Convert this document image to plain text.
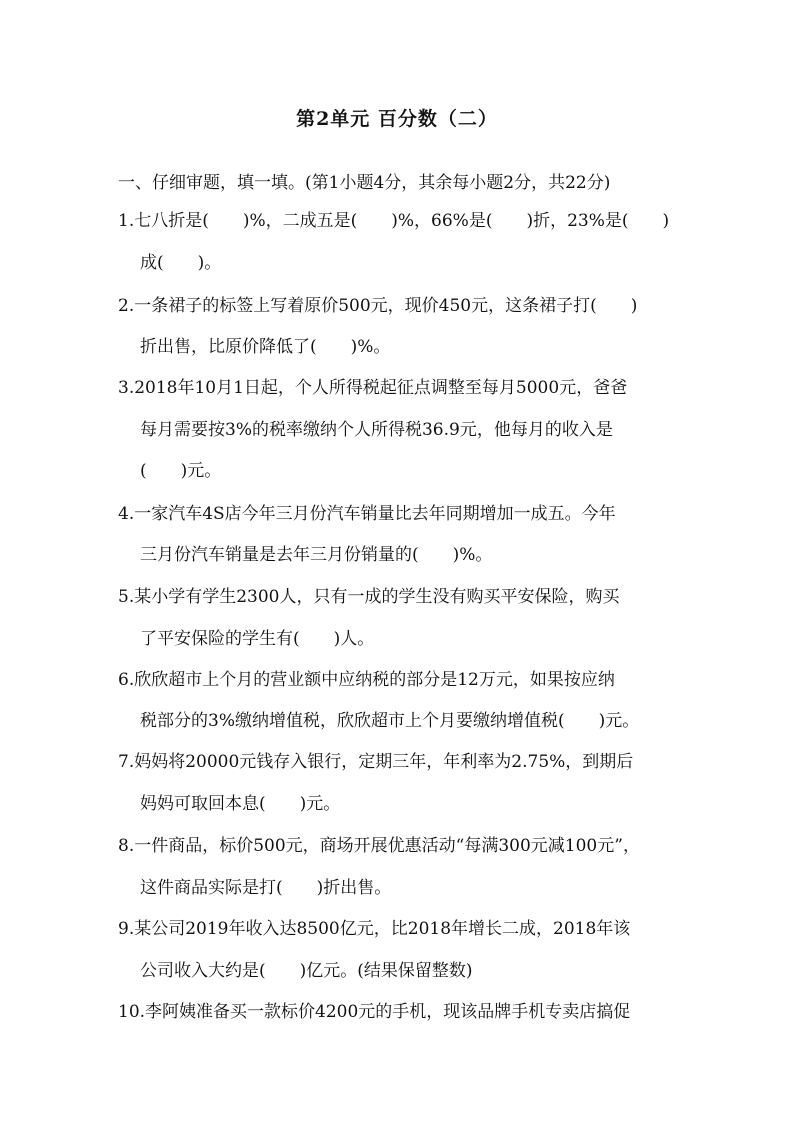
第2单元 百分数（二）
一、仔细审题，填一填。(第1小题4分，其余每小题2分，共22分)
1.七八折是(　　)%，二成五是(　　)%，66%是(　　)折，23%是(　　)
成(　　)。
2.一条裙子的标签上写着原价500元，现价450元，这条裙子打(　　)
折出售，比原价降低了(　　)%。
3.2018年10月1日起，个人所得税起征点调整至每月5000元，爸爸
每月需要按3%的税率缴纳个人所得税36.9元，他每月的收入是
(　　)元。
4.一家汽车4S店今年三月份汽车销量比去年同期增加一成五。今年
三月份汽车销量是去年三月份销量的(　　)%。
5.某小学有学生2300人，只有一成的学生没有购买平安保险，购买
了平安保险的学生有(　　)人。
6.欣欣超市上个月的营业额中应纳税的部分是12万元，如果按应纳
税部分的3%缴纳增值税，欣欣超市上个月要缴纳增值税(　　)元。
7.妈妈将20000元钱存入银行，定期三年，年利率为2.75%，到期后
妈妈可取回本息(　　)元。
8.一件商品，标价500元，商场开展优惠活动“每满300元减100元”，
这件商品实际是打(　　)折出售。
9.某公司2019年收入达8500亿元，比2018年增长二成，2018年该
公司收入大约是(　　)亿元。(结果保留整数)
10.李阿姨准备买一款标价4200元的手机，现该品牌手机专卖店搞促
